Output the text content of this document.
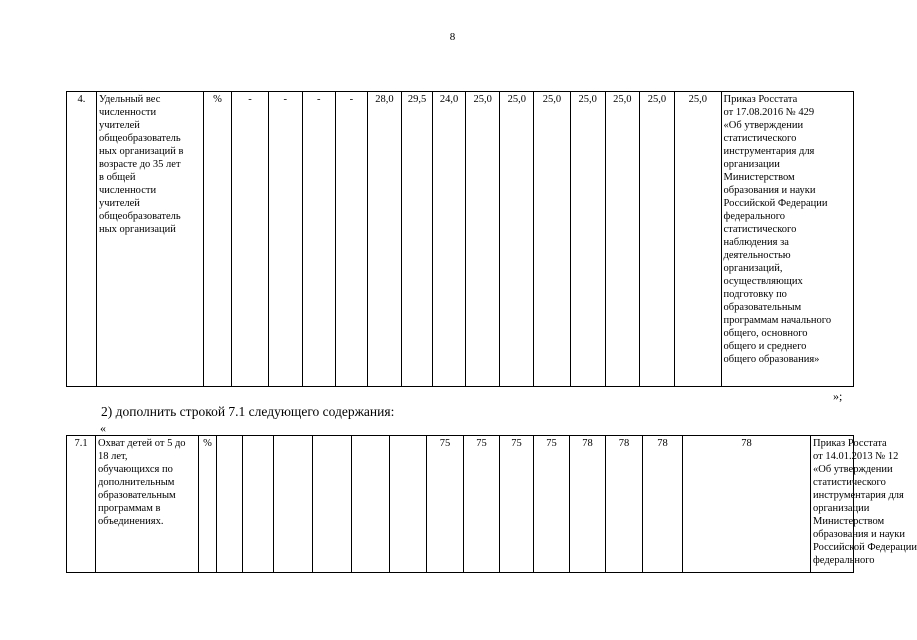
8
4.	Удельный вес
численности
учителей
общеобразователь
ных организаций в
возрасте до 35 лет
в общей
численности
учителей
общеобразователь
ных организаций
	%	-	-	-	-	28,0	29,5	24,0	25,0	25,0	25,0	25,0	25,0	25,0	25,0	Приказ Росстата
от 17.08.2016 № 429
«Об утверждении
статистического
инструментария для
организации
Министерством
образования и науки
Российской Федерации
федерального
статистического
наблюдения за
деятельностью
организаций,
осуществляющих
подготовку по
образовательным
программам начального
общего, основного
общего и среднего
общего образования»
»;
2) дополнить строкой 7.1 следующего содержания:
«
7.1	Охват детей от 5 до
18 лет,
обучающихся по
дополнительным
образовательным
программам в
объединениях.
	%							75	75	75	75	78	78	78	78	Приказ Росстата
от 14.01.2013 № 12
«Об утверждении
статистического
инструментария для
организации
Министерством
образования и науки
Российской Федерации
федерального
